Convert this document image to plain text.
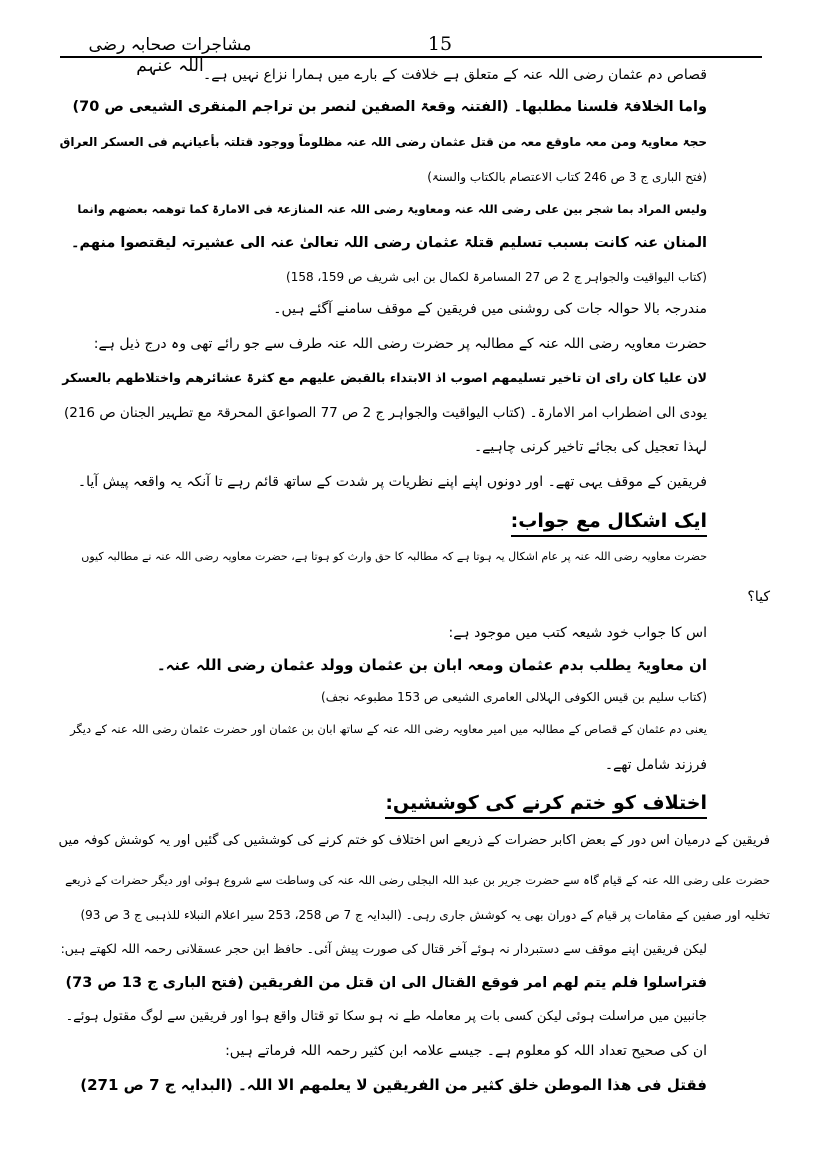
مشاجرات صحابہ رضی اللہ عنہم
15
قصاص دم عثمان رضی اللہ عنہ کے متعلق ہے خلافت کے بارے میں ہمارا نزاع نہیں ہے۔
واما الخلافۃ فلسنا مطلبھا۔ (الفتنہ وقعۃ الصفین لنصر بن تراجم المنقری الشیعی ص 70)
حجۃ معاویۃ ومن معہ ماوقع معہ من قتل عثمان رضی اللہ عنہ مظلوماً ووجود قتلتہ بأعیانہم فی العسکر العراق
(فتح الباری ج 3 ص 246 کتاب الاعتصام بالکتاب والسنۃ)
ولیس المراد بما شجر بین علی رضی اللہ عنہ ومعاویۃ رضی اللہ عنہ المنازعۃ فی الامارۃ کما توھمہ بعضھم وانما
المنان عنہ کانت بسبب تسلیم قتلۃ عثمان رضی اللہ تعالیٰ عنہ الی عشیرتہ لیقتصوا منھم۔
(کتاب الیواقیت والجواہر ج 2 ص 27 المسامرۃ لکمال بن ابی شریف ص 159، 158)
مندرجہ بالا حوالہ جات کی روشنی میں فریقین کے موقف سامنے آگئے ہیں۔
حضرت معاویہ رضی اللہ عنہ کے مطالبہ پر حضرت رضی اللہ عنہ طرف سے جو رائے تھی وہ درج ذیل ہے:
لان علیا کان رای ان تاخیر تسلیمھم اصوب اذ الابتداء بالقبض علیھم مع کثرۃ عشائرھم واختلاطھم بالعسکر
یودی الی اضطراب امر الامارۃ۔ (کتاب الیواقیت والجواہر ج 2 ص 77 الصواعق المحرقۃ مع تطہیر الجنان ص 216)
لہذا تعجیل کی بجائے تاخیر کرنی چاہیے۔
فریقین کے موقف یہی تھے۔ اور دونوں اپنے اپنے نظریات پر شدت کے ساتھ قائم رہے تا آنکہ یہ واقعہ پیش آیا۔
ایک اشکال مع جواب:
حضرت معاویہ رضی اللہ عنہ پر عام اشکال یہ ہوتا ہے کہ مطالبہ کا حق وارث کو ہوتا ہے، حضرت معاویہ رضی اللہ عنہ نے مطالبہ کیوں
کیا؟
اس کا جواب خود شیعہ کتب میں موجود ہے:
ان معاویۃ یطلب بدم عثمان ومعہ ابان بن عثمان وولد عثمان رضی اللہ عنہ۔
(کتاب سلیم بن قیس الکوفی الہلالی العامری الشیعی ص 153 مطبوعہ نجف)
یعنی دم عثمان کے قصاص کے مطالبہ میں امیر معاویہ رضی اللہ عنہ کے ساتھ ابان بن عثمان اور حضرت عثمان رضی اللہ عنہ کے دیگر
فرزند شامل تھے۔
اختلاف کو ختم کرنے کی کوششیں:
فریقین کے درمیان اس دور کے بعض اکابر حضرات کے ذریعے اس اختلاف کو ختم کرنے کی کوششیں کی گئیں اور یہ کوشش کوفہ میں
حضرت علی رضی اللہ عنہ کے قیام گاہ سے حضرت جریر بن عبد اللہ البجلی رضی اللہ عنہ کی وساطت سے شروع ہوئی اور دیگر حضرات کے ذریعے
تخلیہ اور صفین کے مقامات پر قیام کے دوران بھی یہ کوشش جاری رہی۔ (البدایہ ج 7 ص 258، 253 سیر اعلام النبلاء للذہبی ج 3 ص 93)
لیکن فریقین اپنے موقف سے دستبردار نہ ہوئے آخر قتال کی صورت پیش آئی۔ حافظ ابن حجر عسقلانی رحمہ اللہ لکھتے ہیں:
فتراسلوا فلم یتم لھم امر فوقع القتال الی ان قتل من الفریقین (فتح الباری ج 13 ص 73)
جانبین میں مراسلت ہوئی لیکن کسی بات پر معاملہ طے نہ ہو سکا تو قتال واقع ہوا اور فریقین سے لوگ مقتول ہوئے۔
ان کی صحیح تعداد اللہ کو معلوم ہے۔ جیسے علامہ ابن کثیر رحمہ اللہ فرماتے ہیں:
فقتل فی ھذا الموطن خلق کثیر من الفریقین لا یعلمھم الا اللہ۔ (البدایہ ج 7 ص 271)
